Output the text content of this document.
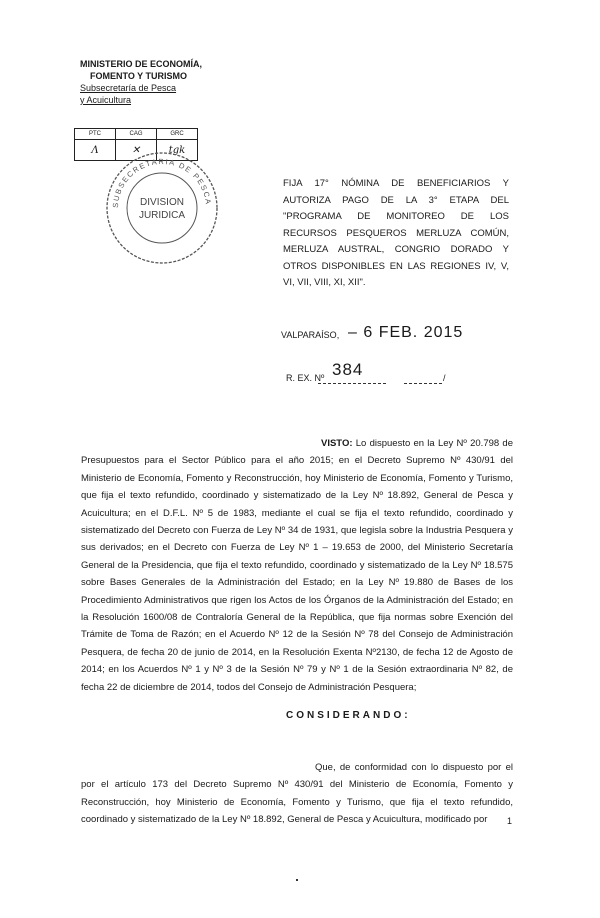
MINISTERIO DE ECONOMÍA,
FOMENTO Y TURISMO
Subsecretaría de Pesca
y Acuicultura
PTC	CAG	GRC
Λ	✕	tgk
SUBSECRETARIA DE PESCA
DIVISION
JURIDICA
FIJA 17° NÓMINA DE BENEFICIARIOS Y AUTORIZA PAGO DE LA 3° ETAPA DEL "PROGRAMA DE MONITOREO DE LOS RECURSOS PESQUEROS MERLUZA COMÚN, MERLUZA AUSTRAL, CONGRIO DORADO Y OTROS DISPONIBLES EN LAS REGIONES IV, V, VI, VII, VIII, XI, XII".
VALPARAÍSO, – 6 FEB. 2015
R. EX. Nº 384	/
VISTO: Lo dispuesto en la Ley Nº 20.798 de Presupuestos para el Sector Público para el año 2015; en el Decreto Supremo Nº 430/91 del Ministerio de Economía, Fomento y Reconstrucción, hoy Ministerio de Economía, Fomento y Turismo, que fija el texto refundido, coordinado y sistematizado de la Ley Nº 18.892, General de Pesca y Acuicultura; en el D.F.L. Nº 5 de 1983, mediante el cual se fija el texto refundido, coordinado y sistematizado del Decreto con Fuerza de Ley Nº 34 de 1931, que legisla sobre la Industria Pesquera y sus derivados; en el Decreto con Fuerza de Ley Nº 1 – 19.653 de 2000, del Ministerio Secretaría General de la Presidencia, que fija el texto refundido, coordinado y sistematizado de la Ley Nº 18.575 sobre Bases Generales de la Administración del Estado; en la Ley Nº 19.880 de Bases de los Procedimiento Administrativos que rigen los Actos de los Órganos de la Administración del Estado; en la Resolución 1600/08 de Contraloría General de la República, que fija normas sobre Exención del Trámite de Toma de Razón; en el Acuerdo Nº 12 de la Sesión Nº 78 del Consejo de Administración Pesquera, de fecha 20 de junio de 2014, en la Resolución Exenta Nº2130, de fecha 12 de Agosto de 2014; en los Acuerdos Nº 1 y Nº 3 de la Sesión Nº 79 y Nº 1 de la Sesión extraordinaria Nº 82, de fecha 22 de diciembre de 2014, todos del Consejo de Administración Pesquera;
CONSIDERANDO:
Que, de conformidad con lo dispuesto por el por el artículo 173 del Decreto Supremo Nº 430/91 del Ministerio de Economía, Fomento y Reconstrucción, hoy Ministerio de Economía, Fomento y Turismo, que fija el texto refundido, coordinado y sistematizado de la Ley Nº 18.892, General de Pesca y Acuicultura, modificado por	1
